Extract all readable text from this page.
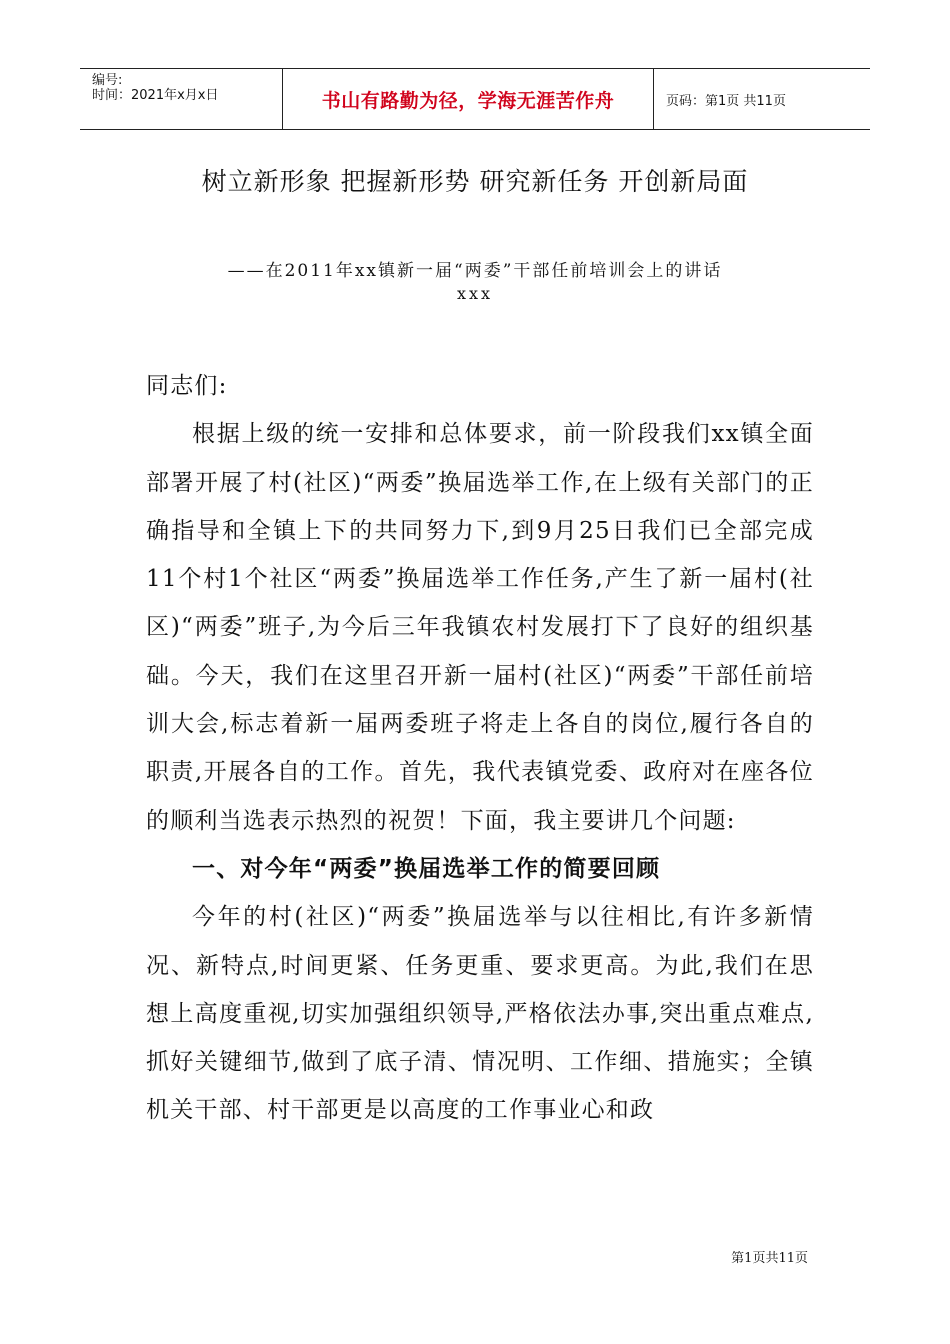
编号:
时间：2021年x月x日	书山有路勤为径，学海无涯苦作舟	页码：第1页 共11页
树立新形象 把握新形势 研究新任务 开创新局面
——在2011年xx镇新一届“两委”干部任前培训会上的讲话
xxx

同志们:

根据上级的统一安排和总体要求，前一阶段我们xx镇全面部署开展了村(社区)“两委”换届选举工作,在上级有关部门的正确指导和全镇上下的共同努力下,到9月25日我们已全部完成11个村1个社区“两委”换届选举工作任务,产生了新一届村(社区)“两委”班子,为今后三年我镇农村发展打下了良好的组织基础。今天，我们在这里召开新一届村(社区)“两委”干部任前培训大会,标志着新一届两委班子将走上各自的岗位,履行各自的职责,开展各自的工作。首先，我代表镇党委、政府对在座各位的顺利当选表示热烈的祝贺！下面，我主要讲几个问题:

一、对今年“两委”换届选举工作的简要回顾

今年的村(社区)“两委”换届选举与以往相比,有许多新情况、新特点,时间更紧、任务更重、要求更高。为此,我们在思想上高度重视,切实加强组织领导,严格依法办事,突出重点难点,抓好关键细节,做到了底子清、情况明、工作细、措施实；全镇机关干部、村干部更是以高度的工作事业心和政

第1页共11页
